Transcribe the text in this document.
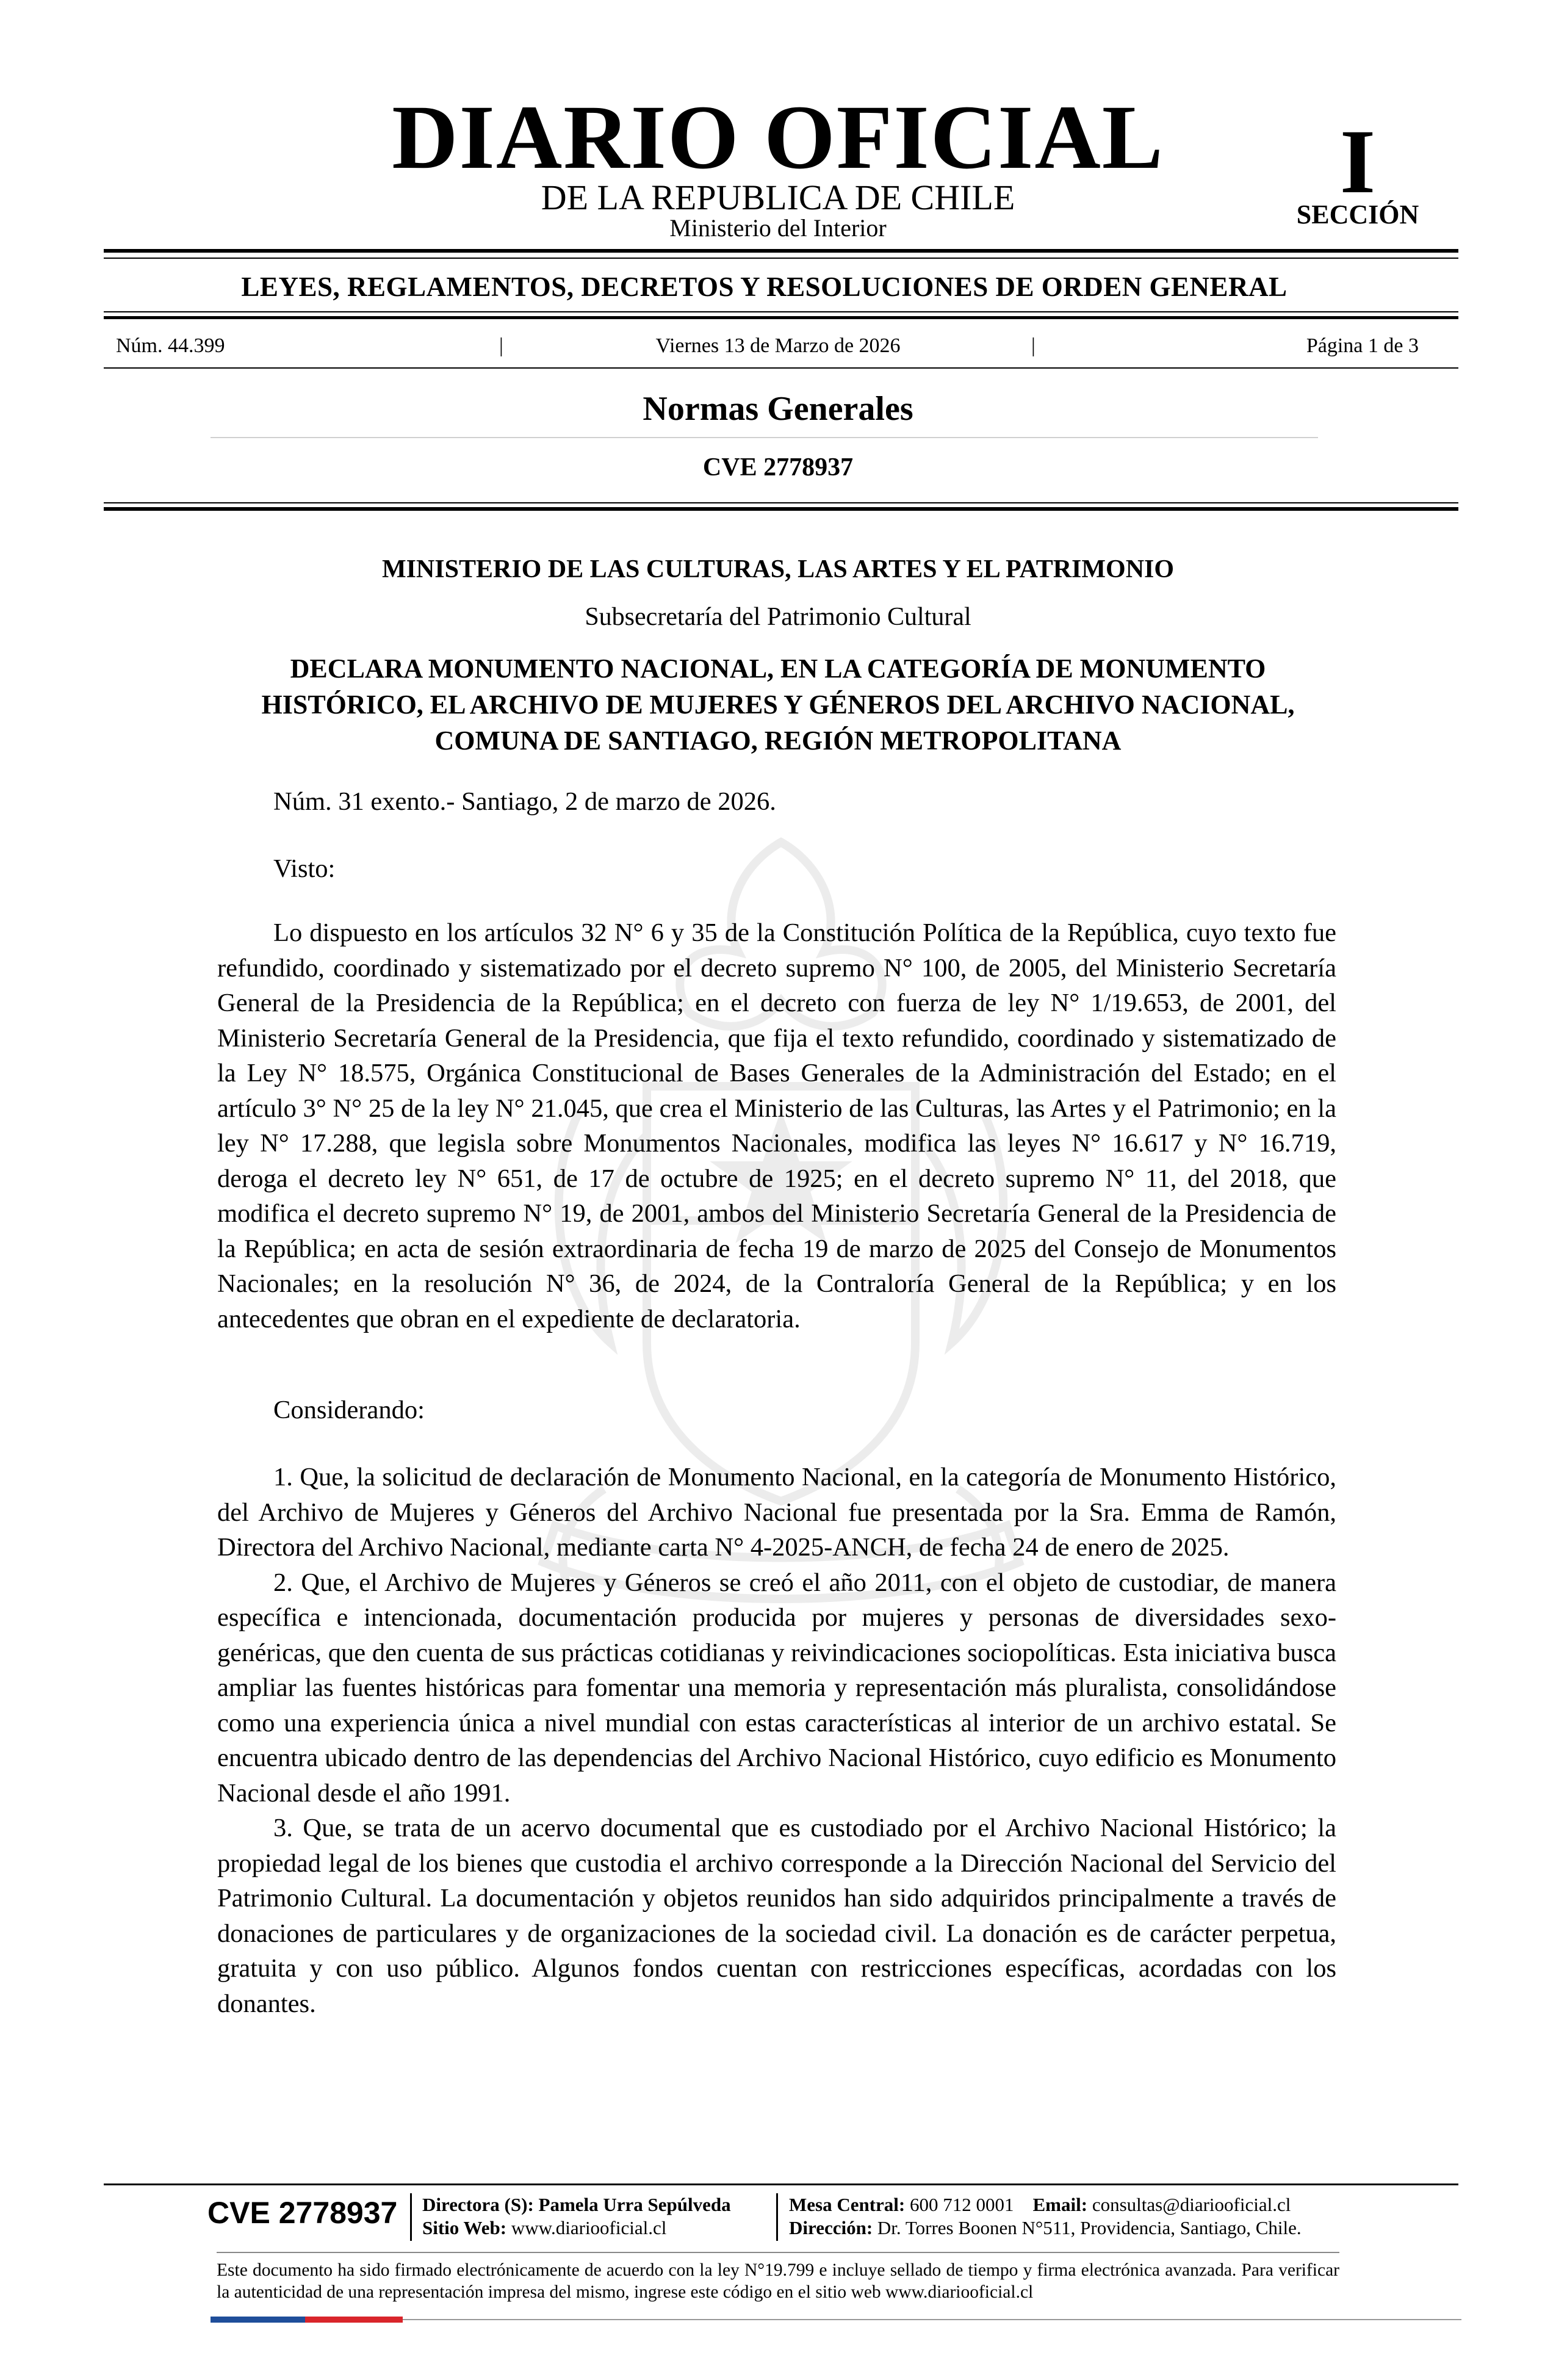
DIARIO OFICIAL
DE LA REPUBLICA DE CHILE
Ministerio del Interior
I
SECCIÓN
LEYES, REGLAMENTOS, DECRETOS Y RESOLUCIONES DE ORDEN GENERAL
Núm. 44.399	|	Viernes 13 de Marzo de 2026	|	Página 1 de 3
Normas Generales
CVE 2778937
MINISTERIO DE LAS CULTURAS, LAS ARTES Y EL PATRIMONIO
Subsecretaría del Patrimonio Cultural
DECLARA MONUMENTO NACIONAL, EN LA CATEGORÍA DE MONUMENTO
HISTÓRICO, EL ARCHIVO DE MUJERES Y GÉNEROS DEL ARCHIVO NACIONAL,
COMUNA DE SANTIAGO, REGIÓN METROPOLITANA
Núm. 31 exento.- Santiago, 2 de marzo de 2026.
Visto:

Lo dispuesto en los artículos 32 N° 6 y 35 de la Constitución Política de la República, cuyo texto fue refundido, coordinado y sistematizado por el decreto supremo N° 100, de 2005, del Ministerio Secretaría General de la Presidencia de la República; en el decreto con fuerza de ley N° 1/19.653, de 2001, del Ministerio Secretaría General de la Presidencia, que fija el texto refundido, coordinado y sistematizado de la Ley N° 18.575, Orgánica Constitucional de Bases Generales de la Administración del Estado; en el artículo 3° N° 25 de la ley N° 21.045, que crea el Ministerio de las Culturas, las Artes y el Patrimonio; en la ley N° 17.288, que legisla sobre Monumentos Nacionales, modifica las leyes N° 16.617 y N° 16.719, deroga el decreto ley N° 651, de 17 de octubre de 1925; en el decreto supremo N° 11, del 2018, que modifica el decreto supremo N° 19, de 2001, ambos del Ministerio Secretaría General de la Presidencia de la República; en acta de sesión extraordinaria de fecha 19 de marzo de 2025 del Consejo de Monumentos Nacionales; en la resolución N° 36, de 2024, de la Contraloría General de la República; y en los antecedentes que obran en el expediente de declaratoria.

Considerando:

1. Que, la solicitud de declaración de Monumento Nacional, en la categoría de Monumento Histórico, del Archivo de Mujeres y Géneros del Archivo Nacional fue presentada por la Sra. Emma de Ramón, Directora del Archivo Nacional, mediante carta N° 4-2025-ANCH, de fecha 24 de enero de 2025.

2. Que, el Archivo de Mujeres y Géneros se creó el año 2011, con el objeto de custodiar, de manera específica e intencionada, documentación producida por mujeres y personas de diversidades sexo-genéricas, que den cuenta de sus prácticas cotidianas y reivindicaciones sociopolíticas. Esta iniciativa busca ampliar las fuentes históricas para fomentar una memoria y representación más pluralista, consolidándose como una experiencia única a nivel mundial con estas características al interior de un archivo estatal. Se encuentra ubicado dentro de las dependencias del Archivo Nacional Histórico, cuyo edificio es Monumento Nacional desde el año 1991.

3. Que, se trata de un acervo documental que es custodiado por el Archivo Nacional Histórico; la propiedad legal de los bienes que custodia el archivo corresponde a la Dirección Nacional del Servicio del Patrimonio Cultural. La documentación y objetos reunidos han sido adquiridos principalmente a través de donaciones de particulares y de organizaciones de la sociedad civil. La donación es de carácter perpetua, gratuita y con uso público. Algunos fondos cuentan con restricciones específicas, acordadas con los donantes.

CVE 2778937 Directora (S): Pamela Urra Sepúlveda
Sitio Web: www.diariooficial.cl
Mesa Central: 600 712 0001 Email: consultas@diariooficial.cl
Dirección: Dr. Torres Boonen N°511, Providencia, Santiago, Chile.
Este documento ha sido firmado electrónicamente de acuerdo con la ley N°19.799 e incluye sellado de tiempo y firma electrónica avanzada. Para verificar la autenticidad de una representación impresa del mismo, ingrese este código en el sitio web www.diariooficial.cl
